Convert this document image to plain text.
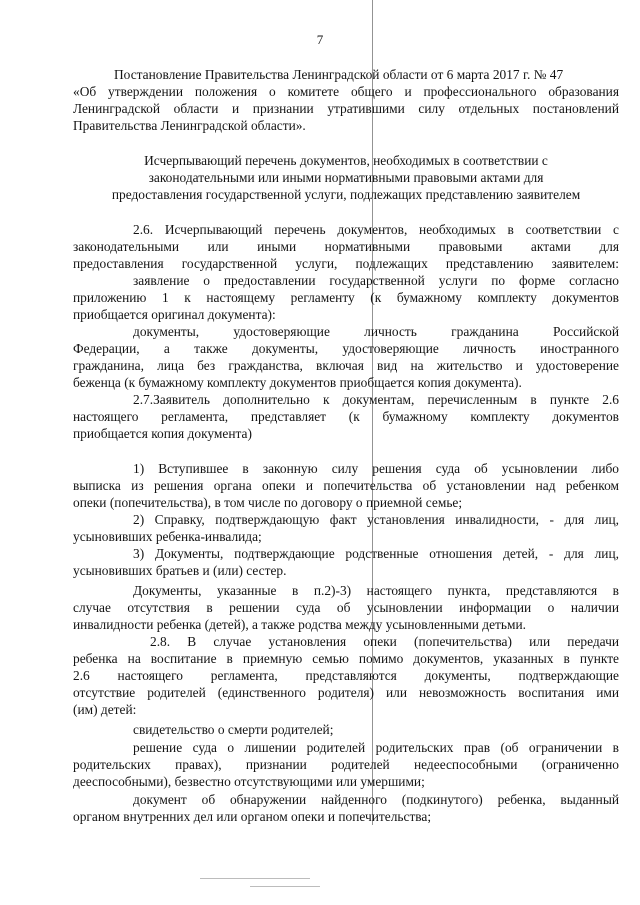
7
Постановление Правительства Ленинградской области от 6 марта 2017 г. № 47
«Об утверждении положения о комитете общего и профессионального образования
Ленинградской области и признании утратившими силу отдельных постановлений
Правительства Ленинградской области».
Исчерпывающий перечень документов, необходимых в соответствии с
законодательными или иными нормативными правовыми актами для
предоставления государственной услуги, подлежащих представлению заявителем
2.6. Исчерпывающий перечень документов, необходимых в соответствии с
законодательными или иными нормативными правовыми актами для
предоставления государственной услуги, подлежащих представлению заявителем:
заявление о предоставлении государственной услуги по форме согласно
приложению 1 к настоящему регламенту (к бумажному комплекту документов
приобщается оригинал документа):
документы, удостоверяющие личность гражданина Российской
Федерации, а также документы, удостоверяющие личность иностранного
гражданина, лица без гражданства, включая вид на жительство и удостоверение
беженца (к бумажному комплекту документов приобщается копия документа).
2.7.Заявитель дополнительно к документам, перечисленным в пункте 2.6
настоящего регламента, представляет (к бумажному комплекту документов
приобщается копия документа)
1) Вступившее в законную силу решения суда об усыновлении либо
выписка из решения органа опеки и попечительства об установлении над ребенком
опеки (попечительства), в том числе по договору о приемной семье;
2) Справку, подтверждающую факт установления инвалидности, - для лиц,
усыновивших ребенка-инвалида;
3) Документы, подтверждающие родственные отношения детей, - для лиц,
усыновивших братьев и (или) сестер.
Документы, указанные в п.2)-3) настоящего пункта, представляются в
случае отсутствия в решении суда об усыновлении информации о наличии
инвалидности ребенка (детей), а также родства между усыновленными детьми.
2.8. В случае установления опеки (попечительства) или передачи
ребенка на воспитание в приемную семью помимо документов, указанных в пункте
2.6 настоящего регламента, представляются документы, подтверждающие
отсутствие родителей (единственного родителя) или невозможность воспитания ими
(им) детей:
свидетельство о смерти родителей;
решение суда о лишении родителей родительских прав (об ограничении в
родительских правах), признании родителей недееспособными (ограниченно
дееспособными), безвестно отсутствующими или умершими;
документ об обнаружении найденного (подкинутого) ребенка, выданный
органом внутренних дел или органом опеки и попечительства;
